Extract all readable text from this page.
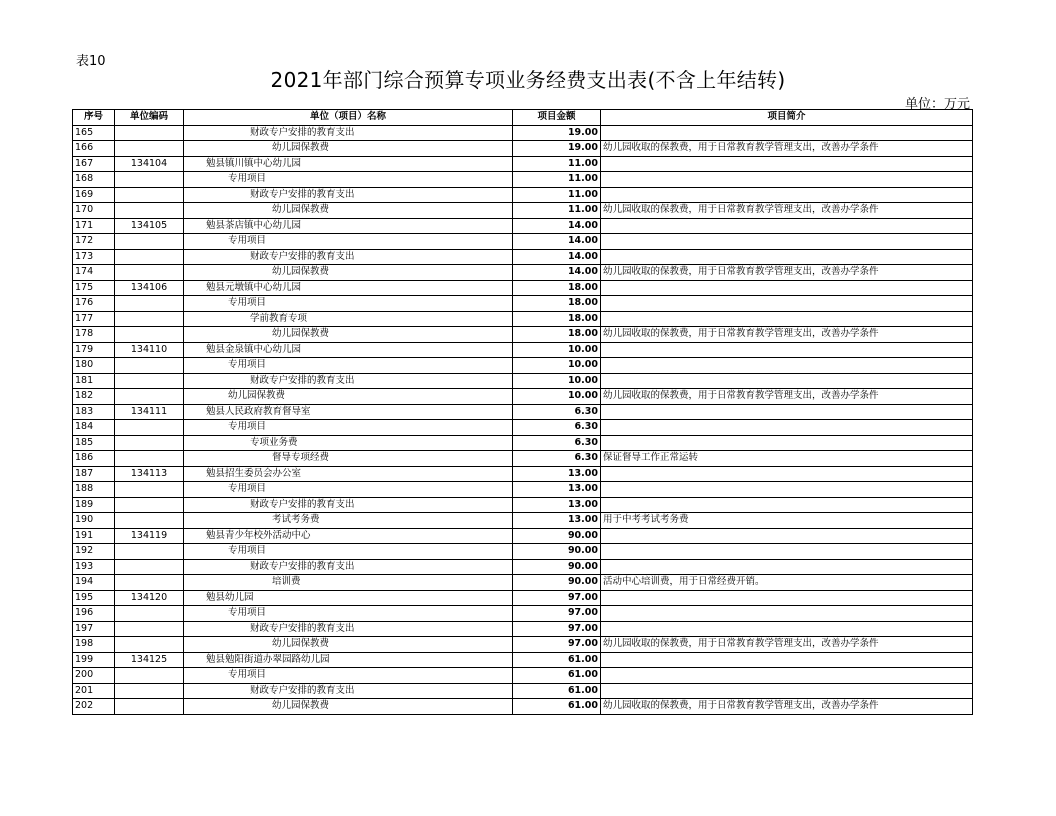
表10
2021年部门综合预算专项业务经费支出表(不含上年结转)
单位：万元
序号	单位编码	单位（项目）名称	项目金额	项目简介
165		财政专户安排的教育支出	19.00	
166		幼儿园保教费	19.00	幼儿园收取的保教费，用于日常教育教学管理支出，改善办学条件
167	134104	勉县镇川镇中心幼儿园	11.00	
168		专用项目	11.00	
169		财政专户安排的教育支出	11.00	
170		幼儿园保教费	11.00	幼儿园收取的保教费，用于日常教育教学管理支出，改善办学条件
171	134105	勉县茶店镇中心幼儿园	14.00	
172		专用项目	14.00	
173		财政专户安排的教育支出	14.00	
174		幼儿园保教费	14.00	幼儿园收取的保教费，用于日常教育教学管理支出，改善办学条件
175	134106	勉县元墩镇中心幼儿园	18.00	
176		专用项目	18.00	
177		学前教育专项	18.00	
178		幼儿园保教费	18.00	幼儿园收取的保教费，用于日常教育教学管理支出，改善办学条件
179	134110	勉县金泉镇中心幼儿园	10.00	
180		专用项目	10.00	
181		财政专户安排的教育支出	10.00	
182		幼儿园保教费	10.00	幼儿园收取的保教费，用于日常教育教学管理支出，改善办学条件
183	134111	勉县人民政府教育督导室	6.30	
184		专用项目	6.30	
185		专项业务费	6.30	
186		督导专项经费	6.30	保证督导工作正常运转
187	134113	勉县招生委员会办公室	13.00	
188		专用项目	13.00	
189		财政专户安排的教育支出	13.00	
190		考试考务费	13.00	用于中考考试考务费
191	134119	勉县青少年校外活动中心	90.00	
192		专用项目	90.00	
193		财政专户安排的教育支出	90.00	
194		培训费	90.00	活动中心培训费，用于日常经费开销。
195	134120	勉县幼儿园	97.00	
196		专用项目	97.00	
197		财政专户安排的教育支出	97.00	
198		幼儿园保教费	97.00	幼儿园收取的保教费，用于日常教育教学管理支出，改善办学条件
199	134125	勉县勉阳街道办翠园路幼儿园	61.00	
200		专用项目	61.00	
201		财政专户安排的教育支出	61.00	
202		幼儿园保教费	61.00	幼儿园收取的保教费，用于日常教育教学管理支出，改善办学条件
